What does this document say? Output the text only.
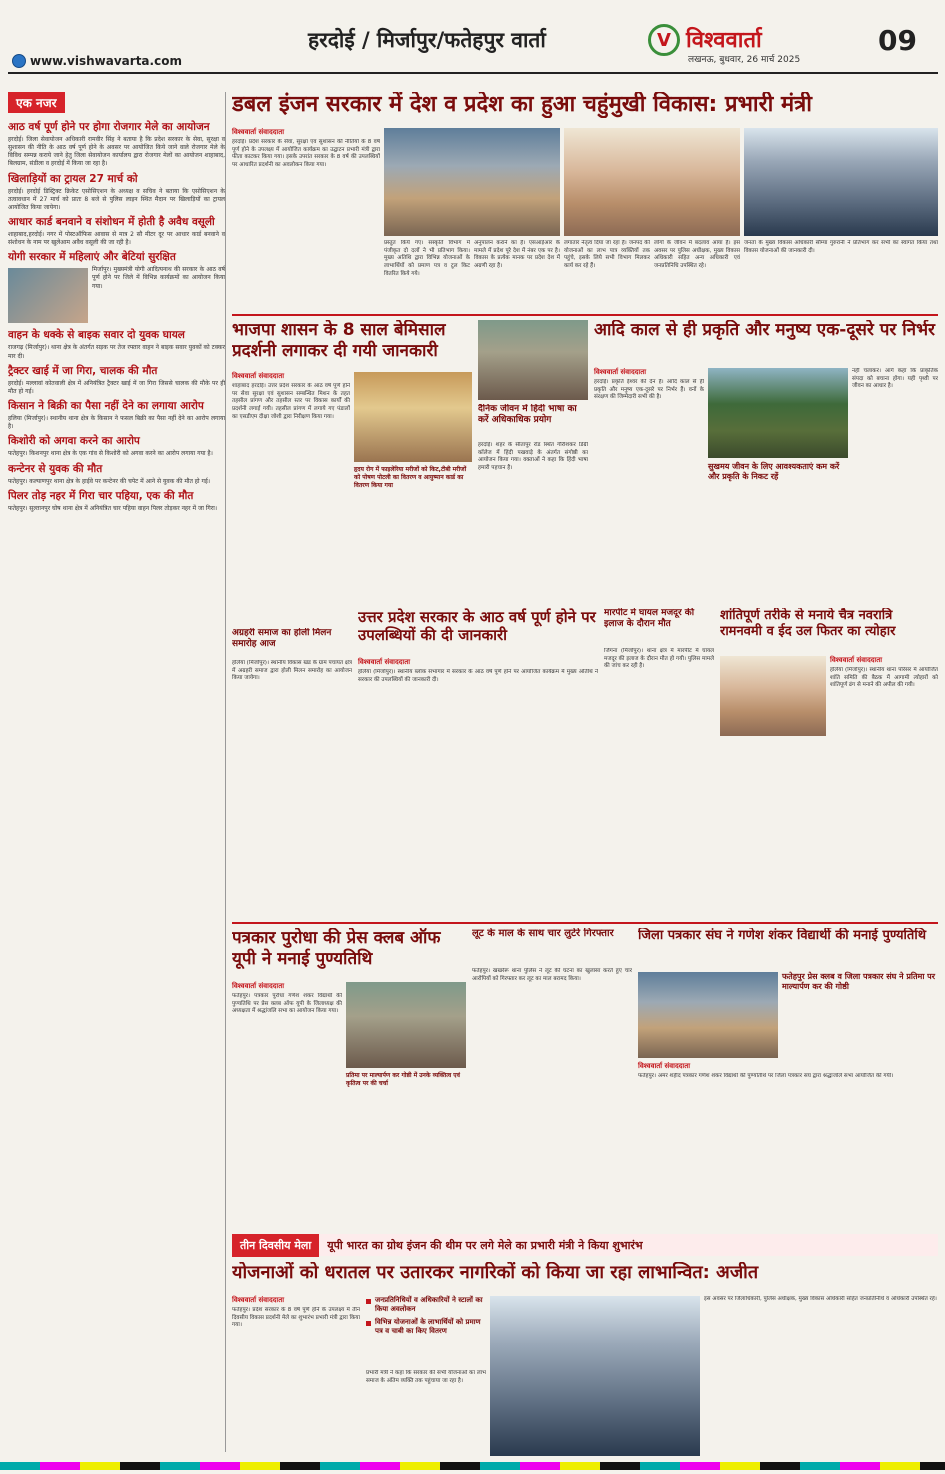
www.vishwavarta.com
हरदोई / मिर्जापुर/फतेहपुर वार्ता	V विश्ववार्ता
लखनऊ, बुधवार, 26 मार्च 2025
09
एक नजर
आठ वर्ष पूर्ण होने पर होगा रोजगार मेले का आयोजन
हरदोई। जिला सेवायोजन अधिकारी रामवीर सिंह ने बताया है कि प्रदेश सरकार के सेवा, सुरक्षा व सुशासन की नीति के आठ वर्ष पूर्ण होने के अवसर पर आयोजित किये जाने वाले रोजगार मेले के विविध सम्पन्न कराये जाने हेतु जिला सेवायोजन कार्यालय द्वारा रोजगार मेलों का आयोजन शाहाबाद, बिलग्राम, संडीला व हरदोई में किया जा रहा है।
खिलाड़ियों का ट्रायल 27 मार्च को
हरदोई। हरदोई डिस्ट्रिक्ट क्रिकेट एसोसिएशन के अध्यक्ष व सचिव ने बताया कि एसोसिएशन के तत्वावधान में 27 मार्च को प्रातः 8 बजे से पुलिस लाइन स्थित मैदान पर खिलाड़ियों का ट्रायल आयोजित किया जायेगा।
आधार कार्ड बनवाने व संशोधन में होती है अवैध वसूली
शाहाबाद,हरदोई। नगर में पोस्टऑफिस आवास से मात्र 2 सौ मीटर दूर पर आधार कार्ड बनवाने व संशोधन के नाम पर खुलेआम अवैध वसूली की जा रही है।
योगी सरकार में महिलाएं और बेटियां सुरक्षित
मिर्जापुर। मुख्यमंत्री योगी आदित्यनाथ की सरकार के आठ वर्ष पूर्ण होने पर जिले में विभिन्न कार्यक्रमों का आयोजन किया गया।
वाहन के धक्के से बाइक सवार दो युवक घायल
राजगढ़ (मिर्जापुर)। थाना क्षेत्र के अंतर्गत सड़क पर तेज रफ्तार वाहन ने बाइक सवार युवकों को टक्कर मार दी।
ट्रैक्टर खाई में जा गिरा, चालक की मौत
हरदोई। मल्लावां कोतवाली क्षेत्र में अनियंत्रित ट्रैक्टर खाई में जा गिरा जिससे चालक की मौके पर ही मौत हो गई।
किसान ने बिक्री का पैसा नहीं देने का लगाया आरोप
हलिया (मिर्जापुर)। स्थानीय थाना क्षेत्र के किसान ने फसल बिक्री का पैसा नहीं देने का आरोप लगाया है।
किशोरी को अगवा करने का आरोप
फतेहपुर। किशनपुर थाना क्षेत्र के एक गांव से किशोरी को अगवा करने का आरोप लगाया गया है।
कन्टेनर से युवक की मौत
फतेहपुर। कल्याणपुर थाना क्षेत्र के हाईवे पर कन्टेनर की चपेट में आने से युवक की मौत हो गई।
पिलर तोड़ नहर में गिरा चार पहिया, एक की मौत
फतेहपुर। सुल्तानपुर घोष थाना क्षेत्र में अनियंत्रित चार पहिया वाहन पिलर तोड़कर नहर में जा गिरा।
डबल इंजन सरकार में देश व प्रदेश का हुआ चहुंमुखी विकास: प्रभारी मंत्री
विश्ववार्ता संवाददाता
हरदोई। प्रदेश सरकार के सेवा, सुरक्षा एवं सुशासन की नीतियों के 8 वर्ष पूर्ण होने के उपलक्ष्य में आयोजित कार्यक्रम का उद्घाटन प्रभारी मंत्री द्वारा फीता काटकर किया गया। इसके उपरांत सरकार के 8 वर्ष की उपलब्धियों पर आधारित प्रदर्शनी का अवलोकन किया गया।
प्रस्तुत किये गए। संस्कृति विभाग में पंजीकृत दो दलों ने भी प्रतिभाग किया। मुख्य अतिथि द्वारा विभिन्न योजनाओं के लाभार्थियों को प्रमाण पत्र व टूल किट वितरित किये गये।
अनुपालन कराने का है। एसआईआर के मामले में प्रदेश पूरे देश में नंबर एक पर है। विकास के प्रत्येक मानक पर प्रदेश देश में अग्रणी रहा है।
लगातार नेतृत्व दिया जा रहा है। जनपद की योजनाओं का लाभ पात्र व्यक्तियों तक पहुंचे, इसके लिये सभी विभाग मिलकर कार्य कर रहे हैं।
लोगों के जीवन में बदलाव आया है। इस अवसर पर पुलिस अधीक्षक, मुख्य विकास अधिकारी सहित अन्य अधिकारी एवं जनप्रतिनिधि उपस्थित रहे।
जनता के मुख्य विकास अधिकारी सौम्या गुरुरानी ने प्रतिभाग कर सभी का स्वागत किया तथा विकास योजनाओं की जानकारी दी।
भाजपा शासन के 8 साल बेमिसाल प्रदर्शनी लगाकर दी गयी जानकारी
विश्ववार्ता संवाददाता
शाहाबाद हरदोई। उत्तर प्रदेश सरकार के आठ वर्ष पूर्ण होने पर सेवा सुरक्षा एवं सुशासन सम्बन्धित मिशन के तहत तहसील प्रांगण और तहसील स्तर पर विकास कार्यों की प्रदर्शनी लगाई गयी। तहसील प्रांगण में लगाये गए पंडालों का एसडीएम दीक्षा जोशी द्वारा निरीक्षण किया गया।
हृदय रोग में फाइलेरिया मरीजों को किट,टीबी मरीजों को पोषण पोटली का वितरण व आयुष्मान कार्ड का वितरण किया गया
दैनिक जीवन में हिंदी भाषा का करें अधिकाधिक प्रयोग
हरदोई। शहर के सीतापुर रोड स्थित गौरीशंकर डिग्री कॉलेज में हिंदी पखवाड़े के अंतर्गत संगोष्ठी का आयोजन किया गया। वक्ताओं ने कहा कि हिंदी भाषा हमारी पहचान है।
आदि काल से ही प्रकृति और मनुष्य एक-दूसरे पर निर्भर
विश्ववार्ता संवाददाता
हरदोई। प्रकृति ईश्वर की देन है। आदि काल से ही प्रकृति और मनुष्य एक-दूसरे पर निर्भर हैं। वनों के संरक्षण की जिम्मेदारी सभी की है।
सुखमय जीवन के लिए आवश्यकताएं कम करें और प्रकृति के निकट रहें
नहीं चलाकर। आगे कहा कि प्राकृतिक संपदा को बचाना होगा। यही पृथ्वी पर जीवन का आधार है।
अग्रहरी समाज का होली मिलन समारोह आज
हलिया (मिर्जापुर)। स्थानीय विकास खंड के ग्राम पंचायत क्षेत्र में अग्रहरी समाज द्वारा होली मिलन समारोह का आयोजन किया जायेगा।
उत्तर प्रदेश सरकार के आठ वर्ष पूर्ण होने पर उपलब्धियों की दी जानकारी
विश्ववार्ता संवाददाता
हलिया (मिर्जापुर)। स्थानीय ब्लॉक सभागार में सरकार के आठ वर्ष पूर्ण होने पर आयोजित कार्यक्रम में मुख्य अतिथि ने सरकार की उपलब्धियों की जानकारी दी।
मारपीट मे घायल मजदूर की इलाज के दौरान मौत
जिगना (मिर्जापुर)। थाना क्षेत्र में मारपीट में घायल मजदूर की इलाज के दौरान मौत हो गयी। पुलिस मामले की जांच कर रही है।
शांतिपूर्ण तरीके से मनाये चैत्र नवरात्रि रामनवमी व ईद उल फितर का त्योहार
विश्ववार्ता संवाददाता
हलिया (मिर्जापुर)। स्थानीय थाना परिसर में आयोजित शांति समिति की बैठक में आगामी त्योहारों को शांतिपूर्ण ढंग से मनाने की अपील की गयी।
पत्रकार पुरोधा की प्रेस क्लब ऑफ यूपी ने मनाई पुण्यतिथि
विश्ववार्ता संवाददाता
फतेहपुर। पत्रकार पुरोधा गणेश शंकर विद्यार्थी की पुण्यतिथि पर प्रेस क्लब ऑफ यूपी के जिलाध्यक्ष की अध्यक्षता में श्रद्धांजलि सभा का आयोजन किया गया।
प्रतिमा पर माल्यार्पण कर गोष्ठी में उनके व्यक्तित्व एवं कृतित्व पर की चर्चा
लूट के माल के साथ चार लुटेरे गिरफ्तार
फतेहपुर। खखरेरू थाना पुलिस ने लूट की घटना का खुलासा करते हुए चार आरोपियों को गिरफ्तार कर लूट का माल बरामद किया।
जिला पत्रकार संघ ने गणेश शंकर विद्यार्थी की मनाई पुण्यतिथि
फतेहपुर प्रेस क्लब व जिला पत्रकार संघ ने प्रतिमा पर माल्यार्पण कर की गोष्ठी
विश्ववार्ता संवाददाता
फतेहपुर। अमर शहीद पत्रकार गणेश शंकर विद्यार्थी की पुण्यतिथि पर जिला पत्रकार संघ द्वारा श्रद्धांजलि सभा आयोजित की गयी।
तीन दिवसीय मेला	यूपी भारत का ग्रोथ इंजन की थीम पर लगे मेले का प्रभारी मंत्री ने किया शुभारंभ
योजनाओं को धरातल पर उतारकर नागरिकों को किया जा रहा लाभान्वित: अजीत
विश्ववार्ता संवाददाता
फतेहपुर। प्रदेश सरकार के 8 वर्ष पूर्ण होने के उपलक्ष्य में तीन दिवसीय विकास प्रदर्शनी मेले का शुभारंभ प्रभारी मंत्री द्वारा किया गया।
जनप्रतिनिधियों व अधिकारियों ने स्टालों का किया अवलोकन
विभिन्न योजनाओं के लाभार्थियों को प्रमाण पत्र व चाबी का किए वितरण
प्रभारी मंत्री ने कहा कि सरकार की सभी योजनाओं का लाभ समाज के अंतिम व्यक्ति तक पहुंचाया जा रहा है।
इस अवसर पर जिलाधिकारी, पुलिस अधीक्षक, मुख्य विकास अधिकारी सहित जनप्रतिनिधि व अधिकारी उपस्थित रहे।
